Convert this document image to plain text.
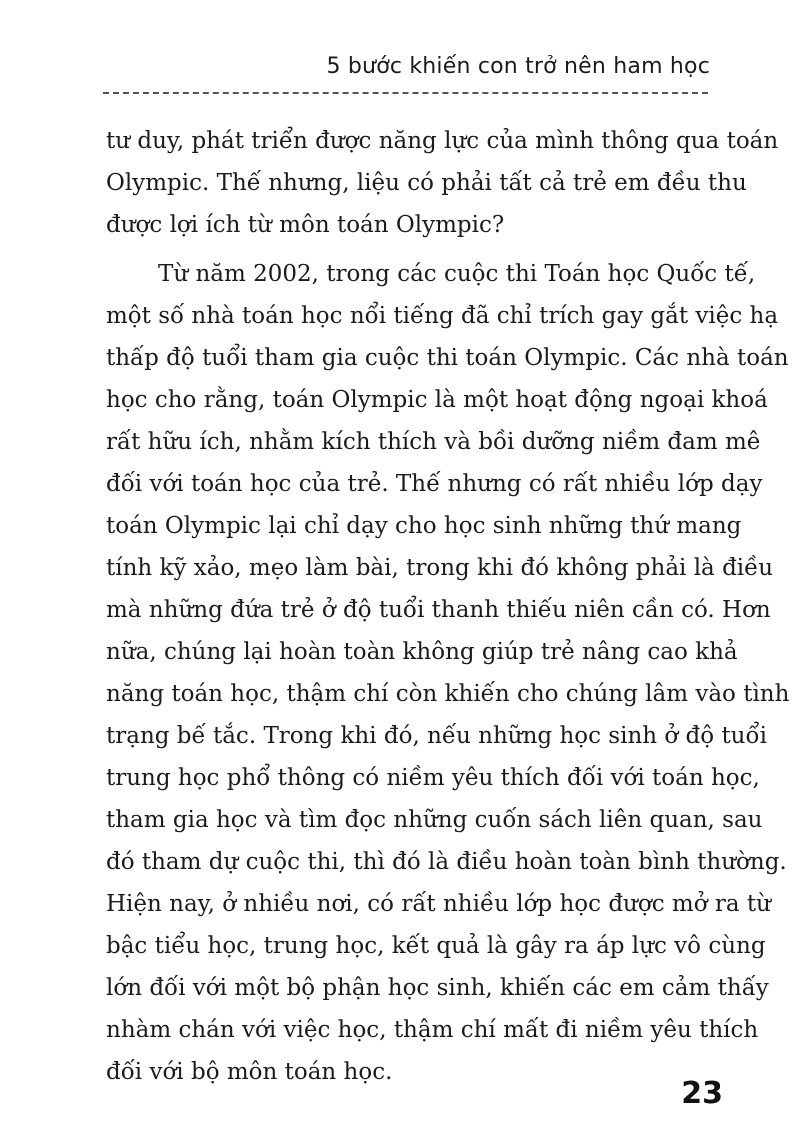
5 bước khiến con trở nên ham học
tư duy, phát triển được năng lực của mình thông qua toán
Olympic. Thế nhưng, liệu có phải tất cả trẻ em đều thu
được lợi ích từ môn toán Olympic?
Từ năm 2002, trong các cuộc thi Toán học Quốc tế,
một số nhà toán học nổi tiếng đã chỉ trích gay gắt việc hạ
thấp độ tuổi tham gia cuộc thi toán Olympic. Các nhà toán
học cho rằng, toán Olympic là một hoạt động ngoại khoá
rất hữu ích, nhằm kích thích và bồi dưỡng niềm đam mê
đối với toán học của trẻ. Thế nhưng có rất nhiều lớp dạy
toán Olympic lại chỉ dạy cho học sinh những thứ mang
tính kỹ xảo, mẹo làm bài, trong khi đó không phải là điều
mà những đứa trẻ ở độ tuổi thanh thiếu niên cần có. Hơn
nữa, chúng lại hoàn toàn không giúp trẻ nâng cao khả
năng toán học, thậm chí còn khiến cho chúng lâm vào tình
trạng bế tắc. Trong khi đó, nếu những học sinh ở độ tuổi
trung học phổ thông có niềm yêu thích đối với toán học,
tham gia học và tìm đọc những cuốn sách liên quan, sau
đó tham dự cuộc thi, thì đó là điều hoàn toàn bình thường.
Hiện nay, ở nhiều nơi, có rất nhiều lớp học được mở ra từ
bậc tiểu học, trung học, kết quả là gây ra áp lực vô cùng
lớn đối với một bộ phận học sinh, khiến các em cảm thấy
nhàm chán với việc học, thậm chí mất đi niềm yêu thích
đối với bộ môn toán học.
23
